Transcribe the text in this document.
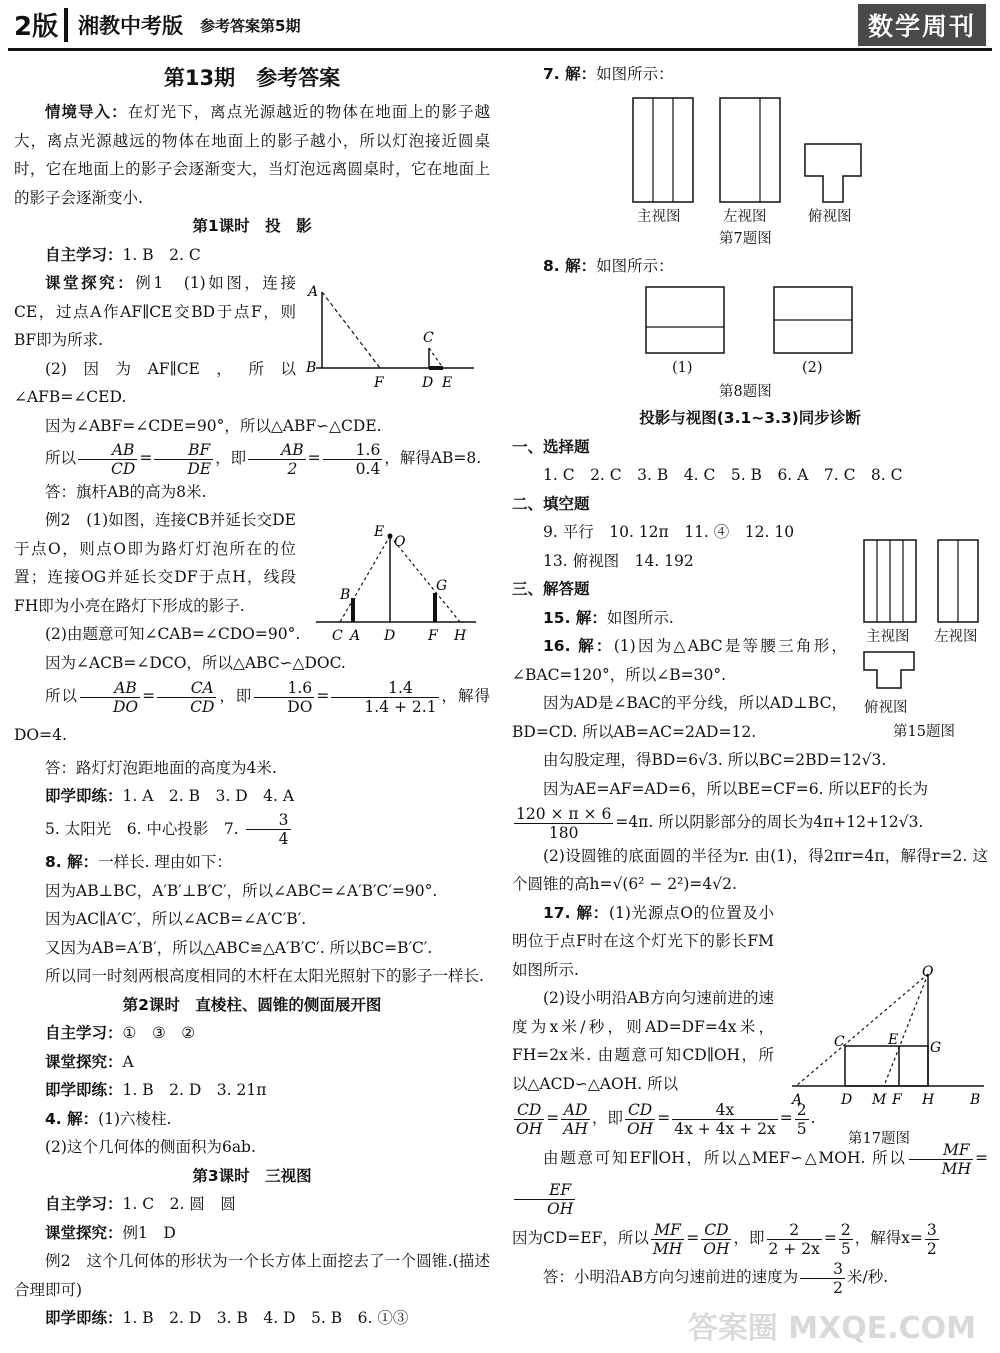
2版 湘教中考版 参考答案第5期	数学周刊
第13期　参考答案

情境导入：在灯光下，离点光源越近的物体在地面上的影子越大，离点光源越远的物体在地面上的影子越小，所以灯泡接近圆桌时，它在地面上的影子会逐渐变大，当灯泡远离圆桌时，它在地面上的影子会逐渐变小.

第1课时　投　影

自主学习：1. B　2. C

课堂探究：例1　(1)如图，连接CE，过点A作AF∥CE交BD于点F，则BF即为所求.

(2)因为AF∥CE，所以∠AFB=∠CED.

因为∠ABF=∠CDE=90°，所以△ABF∽△CDE.

所以 $\frac{AB}{CD} = \frac{BF}{DE}$ ，即 $\frac{AB}{2} = \frac{1.6}{0.4}$ ，解得AB=8.

答：旗杆AB的高为8米.

例2　(1)如图，连接CB并延长交DE于点O，则点O即为路灯灯泡所在的位置；连接OG并延长交DF于点H，线段FH即为小亮在路灯下形成的影子.

(2)由题意可知∠CAB=∠CDO=90°.

因为∠ACB=∠DCO，所以△ABC∽△DOC.

所以 $\frac{AB}{DO} = \frac{CA}{CD}$ ，即 $\frac{1.6}{DO} = \frac{1.4}{1.4 + 2.1}$ ，解得DO=4.

答：路灯灯泡距地面的高度为4米.

即学即练：1. A　2. B　3. D　4. A

5. 太阳光　6. 中心投影　7. $\frac{3}{4}$

8. 解：一样长. 理由如下：

因为AB⊥BC，A′B′⊥B′C′，所以∠ABC=∠A′B′C′=90°.

因为AC∥A′C′，所以∠ACB=∠A′C′B′.

又因为AB=A′B′，所以△ABC≌△A′B′C′. 所以BC=B′C′.

所以同一时刻两根高度相同的木杆在太阳光照射下的影子一样长.

第2课时　直棱柱、圆锥的侧面展开图

自主学习：①　③　②

课堂探究：A

即学即练：1. B　2. D　3. 21π

4. 解：(1)六棱柱.

(2)这个几何体的侧面积为6ab.

第3课时　三视图

自主学习：1. C　2. 圆　圆

课堂探究：例1　D

例2　这个几何体的形状为一个长方体上面挖去了一个圆锥.(描述合理即可)

即学即练：1. B　2. D　3. B　4. D　5. B　6. ①③

A
B
F
C
D E
E
O
B
G
C A D F H

7. 解：如图所示：

主视图	左视图	俯视图
第7题图

8. 解：如图所示：

(1)	(2)
第8题图

投影与视图(3.1~3.3)同步诊断

一、选择题

1. C　2. C　3. B　4. C　5. B　6. A　7. C　8. C

二、填空题

9. 平行　10. 12π　11. ④　12. 10

13. 俯视图　14. 192

三、解答题

15. 解：如图所示.

16. 解：(1)因为△ABC是等腰三角形，∠BAC=120°，所以∠B=30°.

因为AD是∠BAC的平分线，所以AD⊥BC，BD=CD. 所以AB=AC=2AD=12.

由勾股定理，得BD=6√3. 所以BC=2BD=12√3.

因为AE=AF=AD=6，所以BE=CF=6. 所以EF的长为

$\frac{120 \times \pi \times 6}{180} =4\pi$. 所以阴影部分的周长为4π+12+12√3.

(2)设圆锥的底面圆的半径为r. 由(1)，得2πr=4π，解得r=2. 这个圆锥的高h=√(6² − 2²)=4√2.

17. 解：(1)光源点O的位置及小明位于点F时在这个灯光下的影长FM如图所示.

(2)设小明沿AB方向匀速前进的速度为x米/秒，则AD=DF=4x米，FH=2x米. 由题意可知CD∥OH，所以△ACD∽△AOH. 所以

$\frac{CD}{OH} = \frac{AD}{AH}$ ，即 $\frac{CD}{OH} = \frac{4x}{4x + 4x + 2x} = \frac{2}{5}$ .

由题意可知EF∥OH，所以△MEF∽△MOH. 所以 $\frac{MF}{MH}$ =
$\frac{EF}{OH}$

因为CD=EF，所以 $\frac{MF}{MH} = \frac{CD}{OH}$ ，即 $\frac{2}{2 + 2x} = \frac{2}{5}$ ，解得$x= \frac{3}{2}$

答：小明沿AB方向匀速前进的速度为 $\frac{3}{2}$ 米/秒.

主视图 左视图
俯视图
第15题图
O
C	E G
A	D M F H	B
第17题图
答案圈 MXQE.COM
